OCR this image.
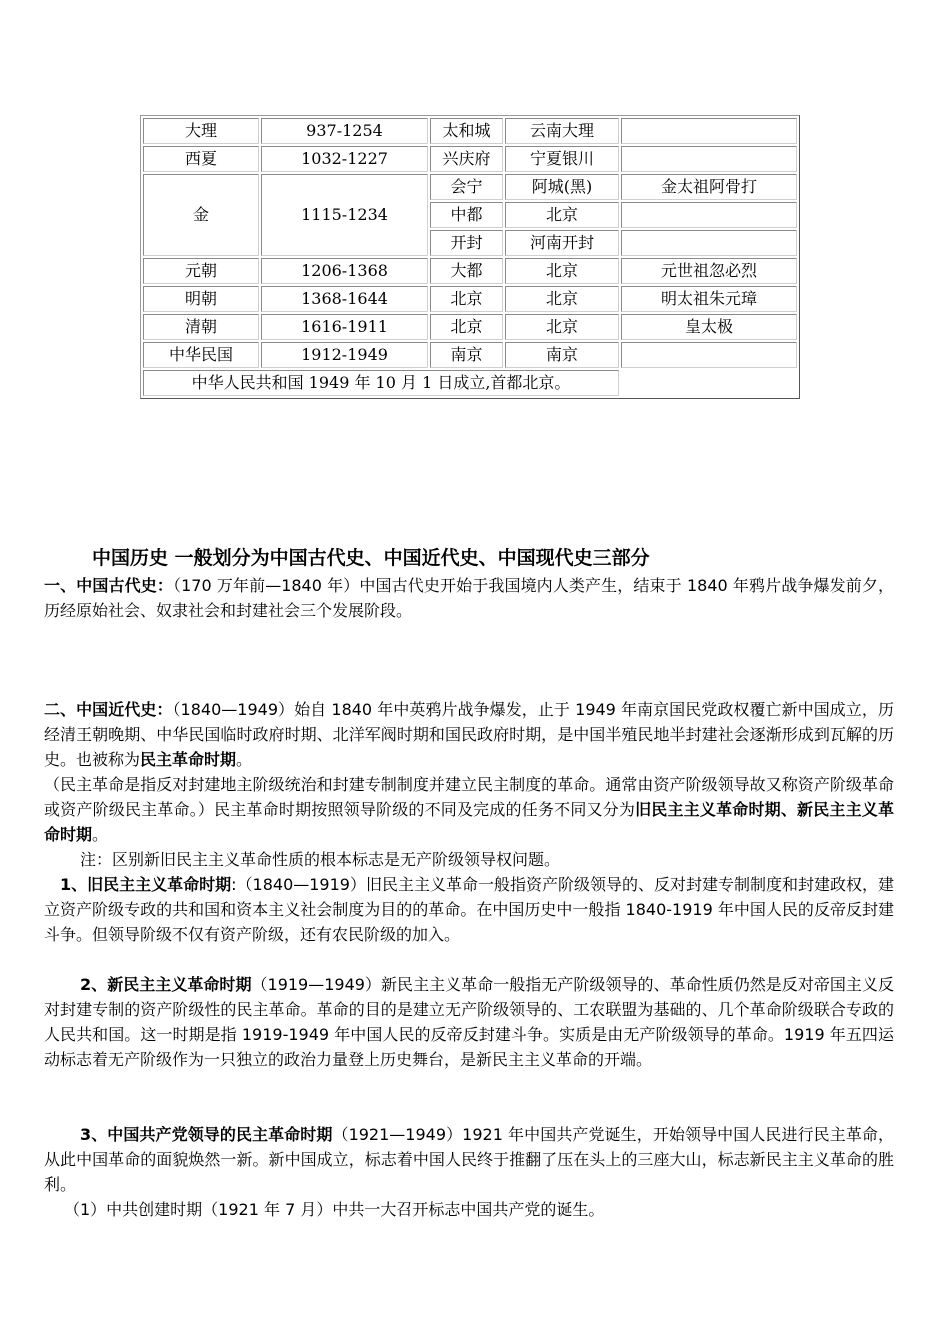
大理	937-1254	太和城	云南大理	
西夏	1032-1227	兴庆府	宁夏银川	
金	1115-1234	会宁	阿城(黑)	金太祖阿骨打
		中都	北京	
		开封	河南开封	
元朝	1206-1368	大都	北京	元世祖忽必烈
明朝	1368-1644	北京	北京	明太祖朱元璋
清朝	1616-1911	北京	北京	皇太极
中华民国	1912-1949	南京	南京	
中华人民共和国 1949 年 10 月 1 日成立,首都北京。				
中国历史 一般划分为中国古代史、中国近代史、中国现代史三部分

一、中国古代史：（170 万年前—1840 年）中国古代史开始于我国境内人类产生，结束于 1840 年鸦片战争爆发前夕，历经原始社会、奴隶社会和封建社会三个发展阶段。

二、中国近代史：（1840—1949）始自 1840 年中英鸦片战争爆发，止于 1949 年南京国民党政权覆亡新中国成立，历经清王朝晚期、中华民国临时政府时期、北洋军阀时期和国民政府时期，是中国半殖民地半封建社会逐渐形成到瓦解的历史。也被称为民主革命时期。

（民主革命是指反对封建地主阶级统治和封建专制制度并建立民主制度的革命。通常由资产阶级领导故又称资产阶级革命或资产阶级民主革命。）民主革命时期按照领导阶级的不同及完成的任务不同又分为旧民主主义革命时期、新民主主义革命时期。

注：区别新旧民主主义革命性质的根本标志是无产阶级领导权问题。

1、旧民主主义革命时期:（1840—1919）旧民主主义革命一般指资产阶级领导的、反对封建专制制度和封建政权，建立资产阶级专政的共和国和资本主义社会制度为目的的革命。在中国历史中一般指 1840-1919 年中国人民的反帝反封建斗争。但领导阶级不仅有资产阶级，还有农民阶级的加入。

2、新民主主义革命时期（1919—1949）新民主主义革命一般指无产阶级领导的、革命性质仍然是反对帝国主义反对封建专制的资产阶级性的民主革命。革命的目的是建立无产阶级领导的、工农联盟为基础的、几个革命阶级联合专政的人民共和国。这一时期是指 1919-1949 年中国人民的反帝反封建斗争。实质是由无产阶级领导的革命。1919 年五四运动标志着无产阶级作为一只独立的政治力量登上历史舞台，是新民主主义革命的开端。

3、中国共产党领导的民主革命时期（1921—1949）1921 年中国共产党诞生，开始领导中国人民进行民主革命，从此中国革命的面貌焕然一新。新中国成立，标志着中国人民终于推翻了压在头上的三座大山，标志新民主主义革命的胜利。

（1）中共创建时期（1921 年 7 月）中共一大召开标志中国共产党的诞生。
